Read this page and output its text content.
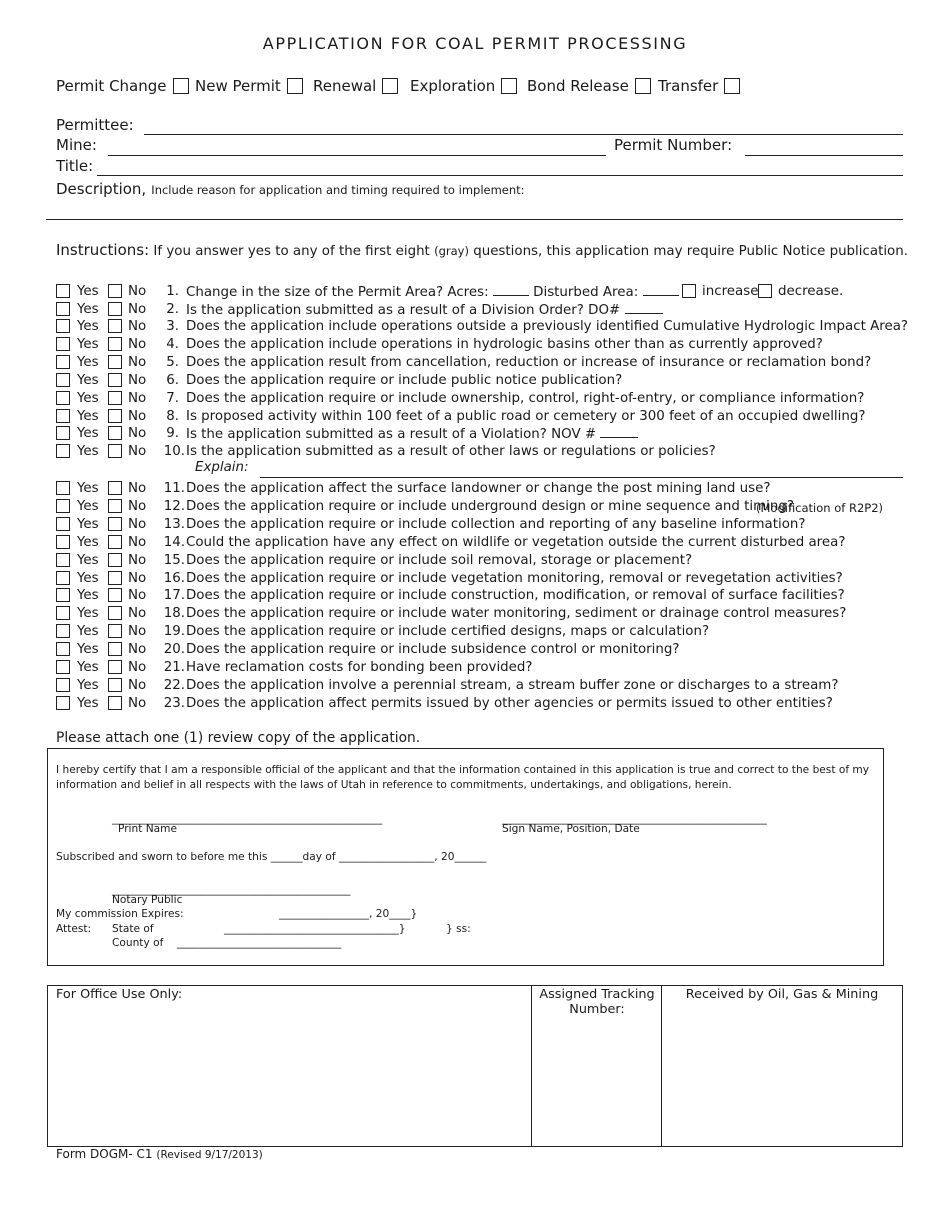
APPLICATION FOR COAL PERMIT PROCESSING
Permit Change	New Permit	Renewal	Exploration	Bond Release	Transfer
Permittee:
Mine:	Permit Number:
Title:
Description, Include reason for application and timing required to implement:
Instructions: If you answer yes to any of the first eight (gray) questions, this application may require Public Notice publication.
Yes No	1. Change in the size of the Permit Area? Acres:	Disturbed Area:	increase decrease.
Yes No	2. Is the application submitted as a result of a Division Order? DO#
Yes No	3. Does the application include operations outside a previously identified Cumulative Hydrologic Impact Area?
Yes No	4. Does the application include operations in hydrologic basins other than as currently approved?
Yes No	5. Does the application result from cancellation, reduction or increase of insurance or reclamation bond?
Yes No	6. Does the application require or include public notice publication?
Yes No	7. Does the application require or include ownership, control, right-of-entry, or compliance information?
Yes No	8. Is proposed activity within 100 feet of a public road or cemetery or 300 feet of an occupied dwelling?
Yes No	9. Is the application submitted as a result of a Violation? NOV #
Yes No	10. Is the application submitted as a result of other laws or regulations or policies?
Explain:
Yes No	11. Does the application affect the surface landowner or change the post mining land use?
Yes No	12. Does the application require or include underground design or mine sequence and timing?
Yes No	13. Does the application require or include collection and reporting of any baseline information?
Yes No	14. Could the application have any effect on wildlife or vegetation outside the current disturbed area?
Yes No	15. Does the application require or include soil removal, storage or placement?
Yes No	16. Does the application require or include vegetation monitoring, removal or revegetation activities?
Yes No	17. Does the application require or include construction, modification, or removal of surface facilities?
Yes No	18. Does the application require or include water monitoring, sediment or drainage control measures?
Yes No	19. Does the application require or include certified designs, maps or calculation?
Yes No	20. Does the application require or include subsidence control or monitoring?
Yes No	21. Have reclamation costs for bonding been provided?
Yes No	22. Does the application involve a perennial stream, a stream buffer zone or discharges to a stream?
Yes No	23. Does the application affect permits issued by other agencies or permits issued to other entities?
(Modification of R2P2)
Please attach one (1) review copy of the application.
I hereby certify that I am a responsible official of the applicant and that the information contained in this application is true and correct to the best of my information and belief in all respects with the laws of Utah in reference to commitments, undertakings, and obligations, herein.
___________________________________________________
Print Name
__________________________________________________
Sign Name, Position, Date
Subscribed and sworn to before me this ______day of __________________, 20______
_____________________________________________
Notary Public
My commission Expires:	_________________, 20____}
Attest: State of	_________________________________}	} ss:
County of _______________________________
For Office Use Only:	Assigned Tracking
Number:
Received by Oil, Gas & Mining
Form DOGM- C1 (Revised 9/17/2013)
